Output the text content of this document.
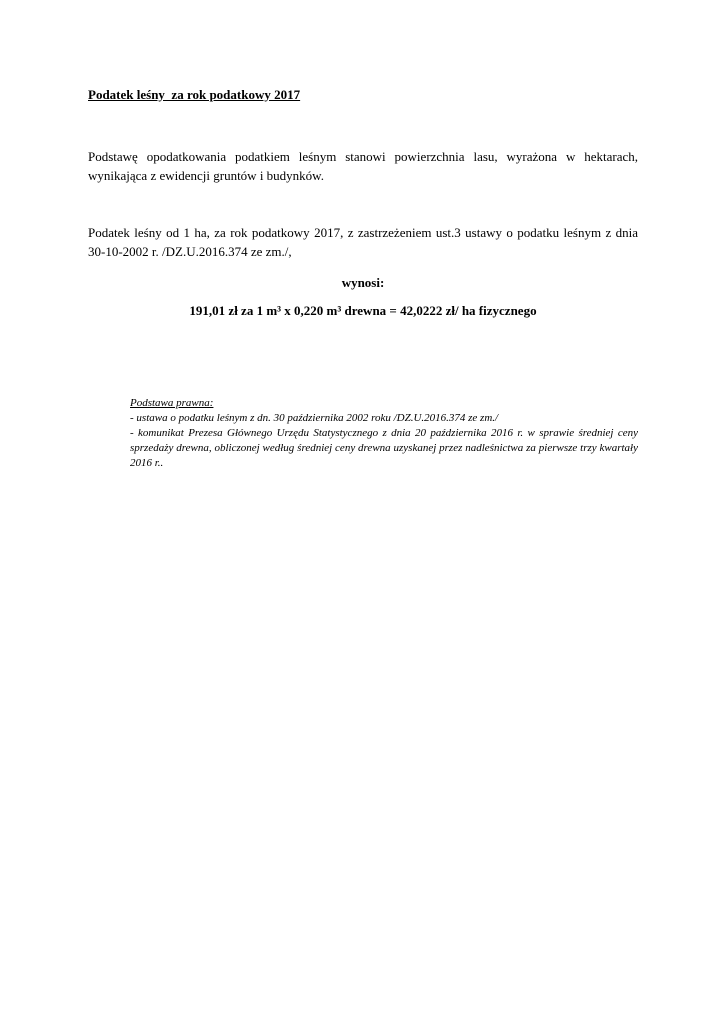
Podatek leśny  za rok podatkowy 2017
Podstawę opodatkowania podatkiem leśnym stanowi powierzchnia lasu, wyrażona w hektarach, wynikająca z ewidencji gruntów i budynków.
Podatek leśny od 1 ha, za rok podatkowy 2017, z zastrzeżeniem ust.3 ustawy o podatku leśnym z dnia 30-10-2002 r. /DZ.U.2016.374 ze zm./,
wynosi:
191,01 zł za 1 m³ x 0,220 m³ drewna = 42,0222 zł/ ha fizycznego
Podstawa prawna:
- ustawa o podatku leśnym z dn. 30 października 2002 roku /DZ.U.2016.374 ze zm./
- komunikat Prezesa Głównego Urzędu Statystycznego z dnia 20 października 2016 r. w sprawie średniej ceny sprzedaży drewna, obliczonej według średniej ceny drewna uzyskanej przez nadleśnictwa za pierwsze trzy kwartały 2016 r..
